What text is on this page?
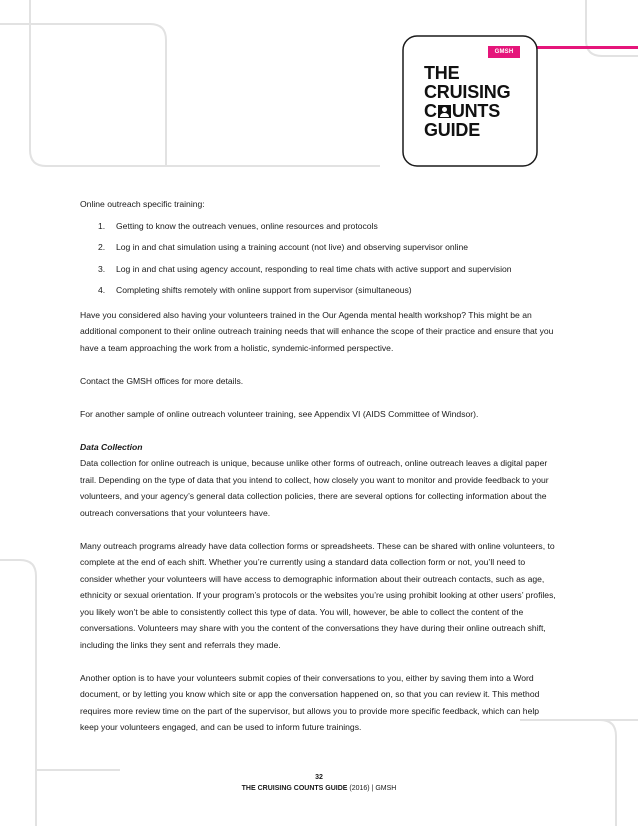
GMSH
THE
CRUISING
C UNTS
GUIDE

Online outreach specific training:

1. Getting to know the outreach venues, online resources and protocols
2. Log in and chat simulation using a training account (not live) and observing supervisor online
3. Log in and chat using agency account, responding to real time chats with active support and supervision
4. Completing shifts remotely with online support from supervisor (simultaneous)

Have you considered also having your volunteers trained in the Our Agenda mental health workshop? This might be an additional component to their online outreach training needs that will enhance the scope of their practice and ensure that you have a team approaching the work from a holistic, syndemic-informed perspective.

Contact the GMSH offices for more details.

For another sample of online outreach volunteer training, see Appendix VI (AIDS Committee of Windsor).

Data Collection

Data collection for online outreach is unique, because unlike other forms of outreach, online outreach leaves a digital paper trail. Depending on the type of data that you intend to collect, how closely you want to monitor and provide feedback to your volunteers, and your agency’s general data collection policies, there are several options for collecting information about the outreach conversations that your volunteers have.

Many outreach programs already have data collection forms or spreadsheets. These can be shared with online volunteers, to complete at the end of each shift. Whether you’re currently using a standard data collection form or not, you’ll need to consider whether your volunteers will have access to demographic information about their outreach contacts, such as age, ethnicity or sexual orientation. If your program’s protocols or the websites you’re using prohibit looking at other users’ profiles, you likely won’t be able to consistently collect this type of data. You will, however, be able to collect the content of the conversations. Volunteers may share with you the content of the conversations they have during their online outreach shift, including the links they sent and referrals they made.

Another option is to have your volunteers submit copies of their conversations to you, either by saving them into a Word document, or by letting you know which site or app the conversation happened on, so that you can review it. This method requires more review time on the part of the supervisor, but allows you to provide more specific feedback, which can help keep your volunteers engaged, and can be used to inform future trainings.

32
THE CRUISING COUNTS GUIDE (2016) | GMSH
